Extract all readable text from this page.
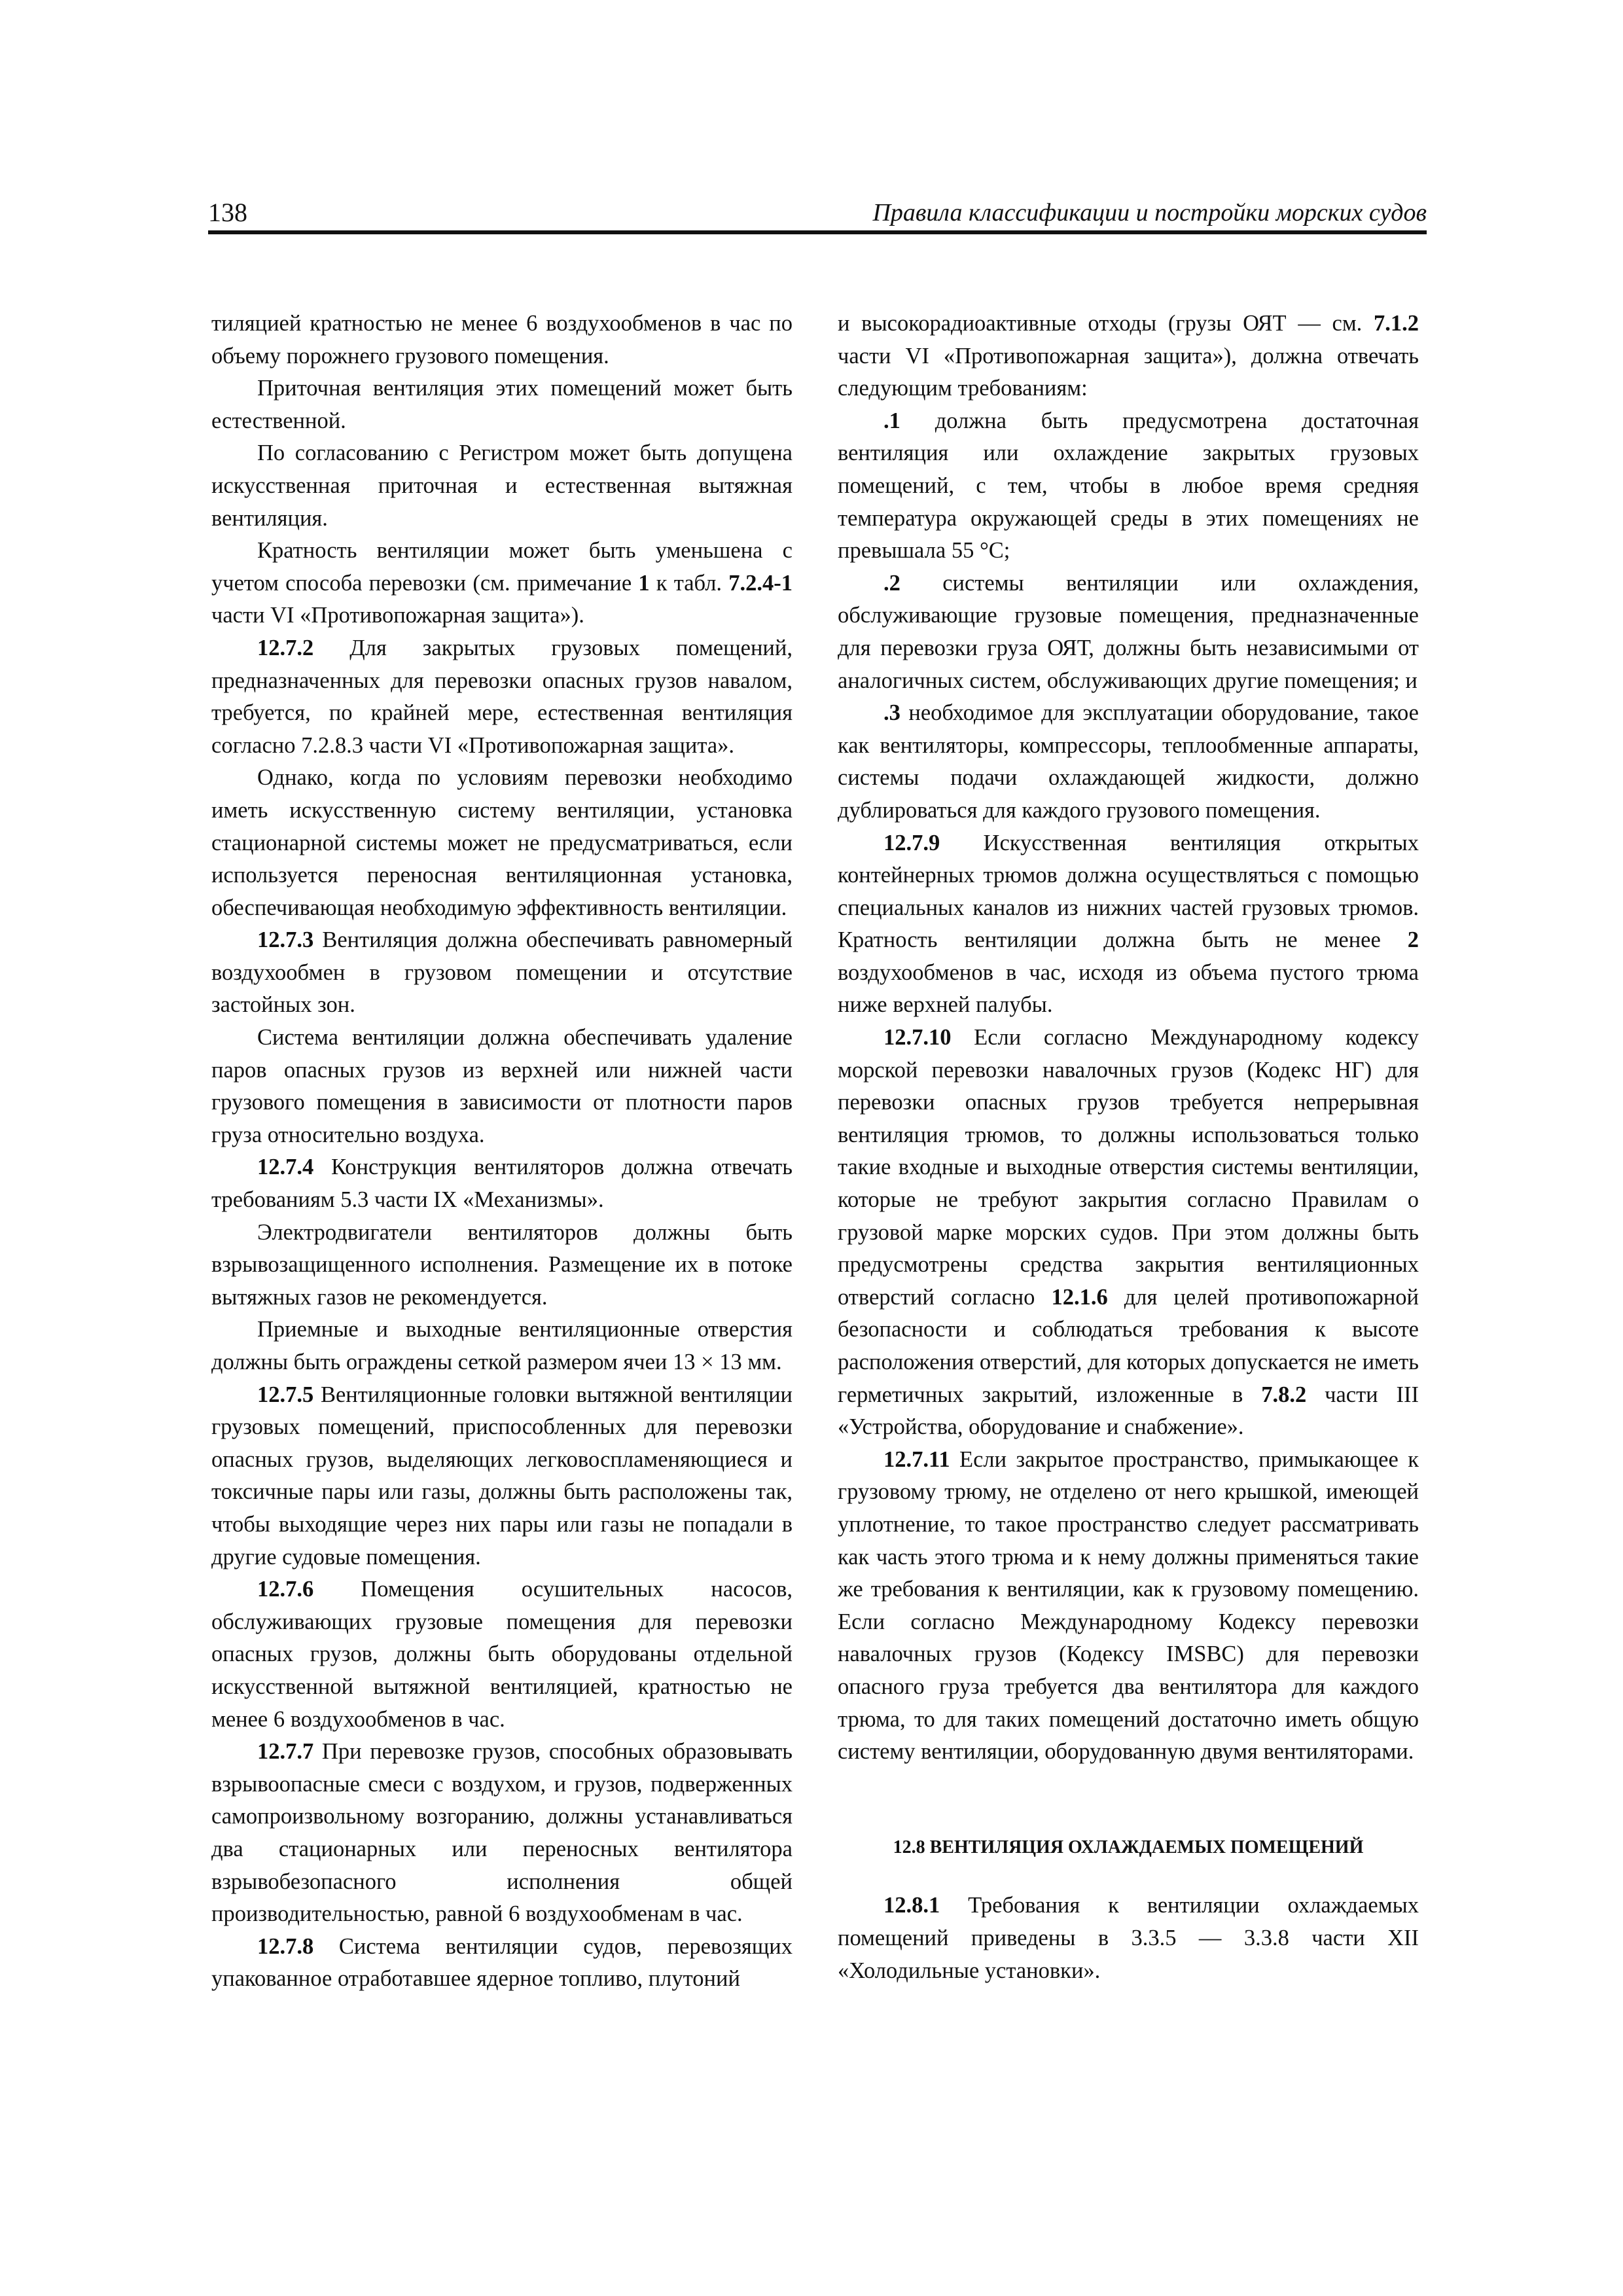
138	Правила классификации и постройки морских судов

тиляцией кратностью не менее 6 воздухообменов в час по объему порожнего грузового помещения.

Приточная вентиляция этих помещений может быть естественной.

По согласованию с Регистром может быть допущена искусственная приточная и естественная вытяжная вентиляция.

Кратность вентиляции может быть уменьшена с учетом способа перевозки (см. примечание 1 к табл. 7.2.4-1 части VI «Противопожарная защита»).

12.7.2 Для закрытых грузовых помещений, предназначенных для перевозки опасных грузов навалом, требуется, по крайней мере, естественная вентиляция согласно 7.2.8.3 части VI «Противопожарная защита».

Однако, когда по условиям перевозки необходимо иметь искусственную систему вентиляции, установка стационарной системы может не предусматриваться, если используется переносная вентиляционная установка, обеспечивающая необходимую эффективность вентиляции.

12.7.3 Вентиляция должна обеспечивать равномерный воздухообмен в грузовом помещении и отсутствие застойных зон.

Система вентиляции должна обеспечивать удаление паров опасных грузов из верхней или нижней части грузового помещения в зависимости от плотности паров груза относительно воздуха.

12.7.4 Конструкция вентиляторов должна отвечать требованиям 5.3 части IX «Механизмы».

Электродвигатели вентиляторов должны быть взрывозащищенного исполнения. Размещение их в потоке вытяжных газов не рекомендуется.

Приемные и выходные вентиляционные отверстия должны быть ограждены сеткой размером ячеи 13 × 13 мм.

12.7.5 Вентиляционные головки вытяжной вентиляции грузовых помещений, приспособленных для перевозки опасных грузов, выделяющих легковоспламеняющиеся и токсичные пары или газы, должны быть расположены так, чтобы выходящие через них пары или газы не попадали в другие судовые помещения.

12.7.6 Помещения осушительных насосов, обслуживающих грузовые помещения для перевозки опасных грузов, должны быть оборудованы отдельной искусственной вытяжной вентиляцией, кратностью не менее 6 воздухообменов в час.

12.7.7 При перевозке грузов, способных образовывать взрывоопасные смеси с воздухом, и грузов, подверженных самопроизвольному возгоранию, должны устанавливаться два стационарных или переносных вентилятора взрывобезопасного исполнения общей производительностью, равной 6 воздухообменам в час.

12.7.8 Система вентиляции судов, перевозящих упакованное отработавшее ядерное топливо, плутоний

и высокорадиоактивные отходы (грузы ОЯТ — см. 7.1.2 части VI «Противопожарная защита»), должна отвечать следующим требованиям:

.1 должна быть предусмотрена достаточная вентиляция или охлаждение закрытых грузовых помещений, с тем, чтобы в любое время средняя температура окружающей среды в этих помещениях не превышала 55 °С;

.2 системы вентиляции или охлаждения, обслуживающие грузовые помещения, предназначенные для перевозки груза ОЯТ, должны быть независимыми от аналогичных систем, обслуживающих другие помещения; и

.3 необходимое для эксплуатации оборудование, такое как вентиляторы, компрессоры, теплообменные аппараты, системы подачи охлаждающей жидкости, должно дублироваться для каждого грузового помещения.

12.7.9 Искусственная вентиляция открытых контейнерных трюмов должна осуществляться с помощью специальных каналов из нижних частей грузовых трюмов. Кратность вентиляции должна быть не менее 2 воздухообменов в час, исходя из объема пустого трюма ниже верхней палубы.

12.7.10 Если согласно Международному кодексу морской перевозки навалочных грузов (Кодекс НГ) для перевозки опасных грузов требуется непрерывная вентиляция трюмов, то должны использоваться только такие входные и выходные отверстия системы вентиляции, которые не требуют закрытия согласно Правилам о грузовой марке морских судов. При этом должны быть предусмотрены средства закрытия вентиляционных отверстий согласно 12.1.6 для целей противопожарной безопасности и соблюдаться требования к высоте расположения отверстий, для которых допускается не иметь герметичных закрытий, изложенные в 7.8.2 части III «Устройства, оборудование и снабжение».

12.7.11 Если закрытое пространство, примыкающее к грузовому трюму, не отделено от него крышкой, имеющей уплотнение, то такое пространство следует рассматривать как часть этого трюма и к нему должны применяться такие же требования к вентиляции, как к грузовому помещению. Если согласно Международному Кодексу перевозки навалочных грузов (Кодексу IMSBC) для перевозки опасного груза требуется два вентилятора для каждого трюма, то для таких помещений достаточно иметь общую систему вентиляции, оборудованную двумя вентиляторами.

12.8 ВЕНТИЛЯЦИЯ ОХЛАЖДАЕМЫХ ПОМЕЩЕНИЙ

12.8.1 Требования к вентиляции охлаждаемых помещений приведены в 3.3.5 — 3.3.8 части XII «Холодильные установки».
